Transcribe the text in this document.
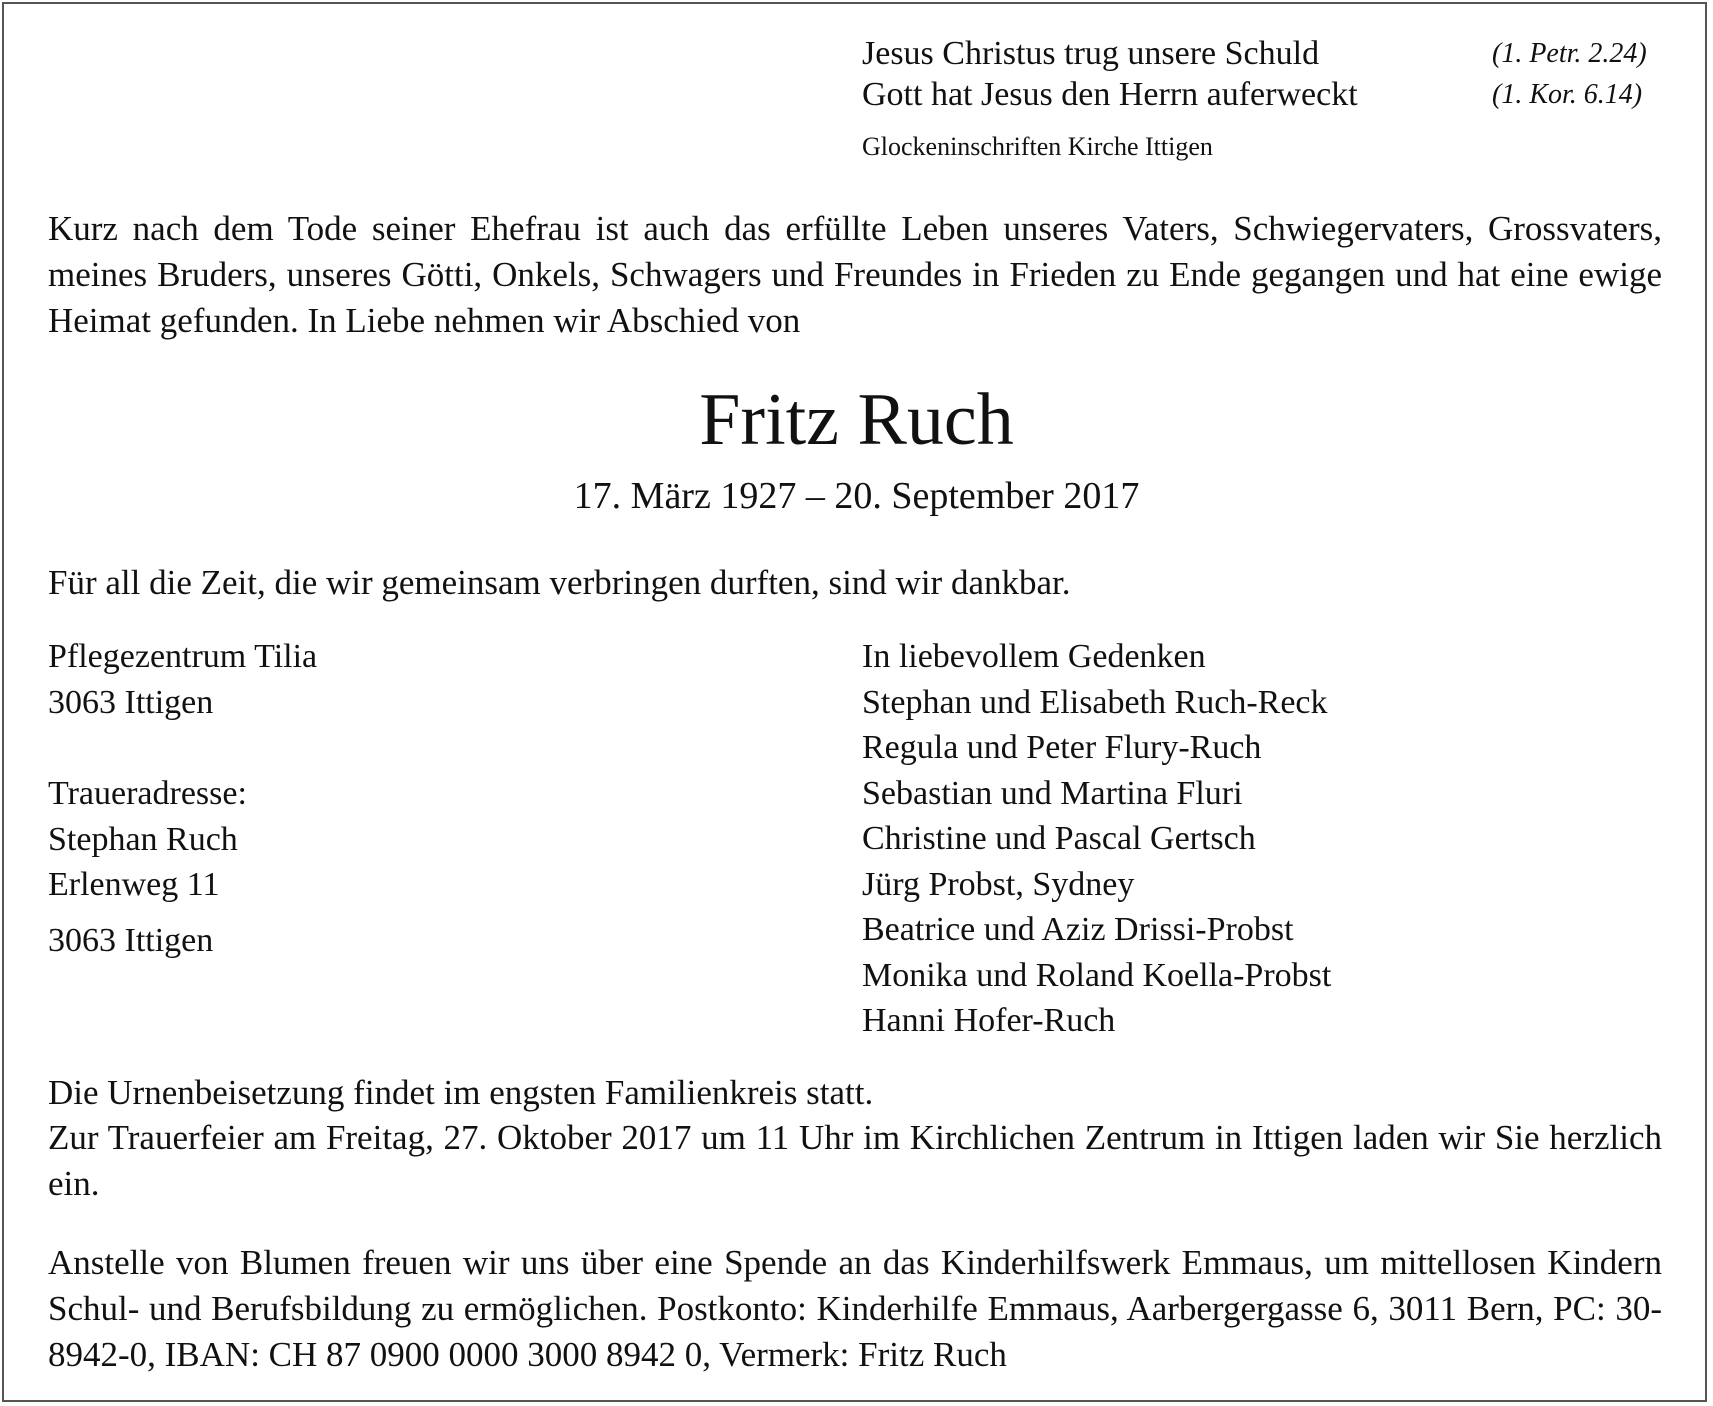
Jesus Christus trug unsere Schuld	(1. Petr. 2.24)
Gott hat Jesus den Herrn auferweckt	(1. Kor. 6.14)
Glockeninschriften Kirche Ittigen
Kurz nach dem Tode seiner Ehefrau ist auch das erfüllte Leben unseres Vaters, Schwiegervaters, Grossvaters, meines Bruders, unseres Götti, Onkels, Schwagers und Freundes in Frieden zu Ende gegangen und hat eine ewige Heimat gefunden. In Liebe nehmen wir Abschied von
Fritz Ruch
17. März 1927 – 20. September 2017
Für all die Zeit, die wir gemeinsam verbringen durften, sind wir dankbar.
Pflegezentrum Tilia
3063 Ittigen
Traueradresse:
Stephan Ruch
Erlenweg 11
3063 Ittigen
In liebevollem Gedenken
Stephan und Elisabeth Ruch-Reck
Regula und Peter Flury-Ruch
Sebastian und Martina Fluri
Christine und Pascal Gertsch
Jürg Probst, Sydney
Beatrice und Aziz Drissi-Probst
Monika und Roland Koella-Probst
Hanni Hofer-Ruch
Die Urnenbeisetzung findet im engsten Familienkreis statt.
Zur Trauerfeier am Freitag, 27. Oktober 2017 um 11 Uhr im Kirchlichen Zentrum in Ittigen laden wir Sie herzlich ein.
Anstelle von Blumen freuen wir uns über eine Spende an das Kinderhilfswerk Emmaus, um mittellosen Kindern Schul- und Berufsbildung zu ermöglichen. Postkonto: Kinderhilfe Emmaus, Aarbergergasse 6, 3011 Bern, PC: 30-8942-0, IBAN: CH 87 0900 0000 3000 8942 0, Vermerk: Fritz Ruch
